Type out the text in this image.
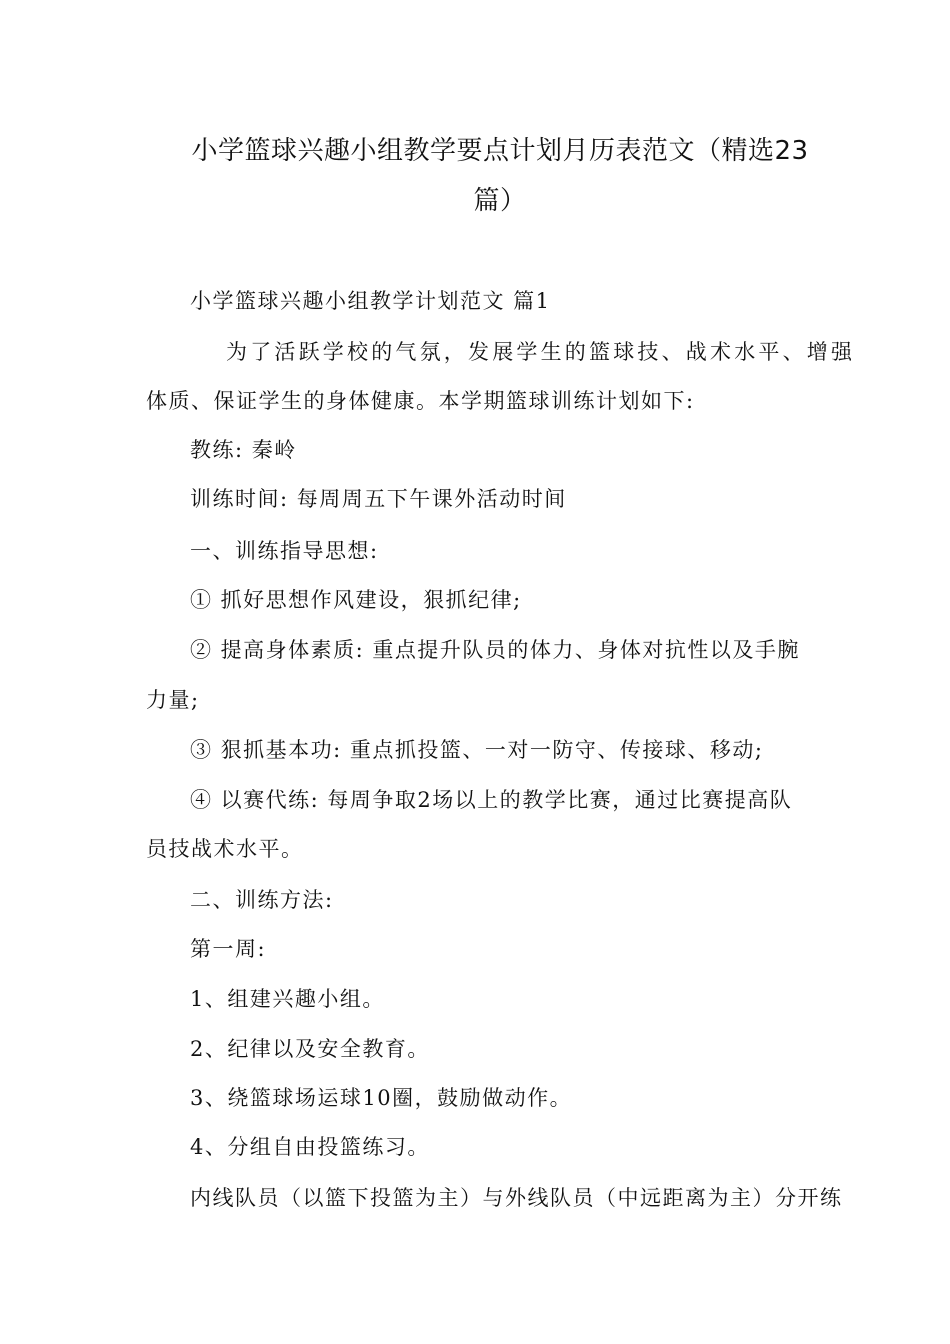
小学篮球兴趣小组教学要点计划月历表范文（精选23
篇）
小学篮球兴趣小组教学计划范文 篇1
为了活跃学校的气氛，发展学生的篮球技、战术水平、增强
体质、保证学生的身体健康。本学期篮球训练计划如下:
教练: 秦岭
训练时间: 每周周五下午课外活动时间
一、训练指导思想:
① 抓好思想作风建设，狠抓纪律;
② 提高身体素质: 重点提升队员的体力、身体对抗性以及手腕
力量;
③ 狠抓基本功: 重点抓投篮、一对一防守、传接球、移动;
④ 以赛代练: 每周争取2场以上的教学比赛，通过比赛提高队
员技战术水平。
二、训练方法:
第一周:
1、组建兴趣小组。
2、纪律以及安全教育。
3、绕篮球场运球10圈，鼓励做动作。
4、分组自由投篮练习。
内线队员（以篮下投篮为主）与外线队员（中远距离为主）分开练
